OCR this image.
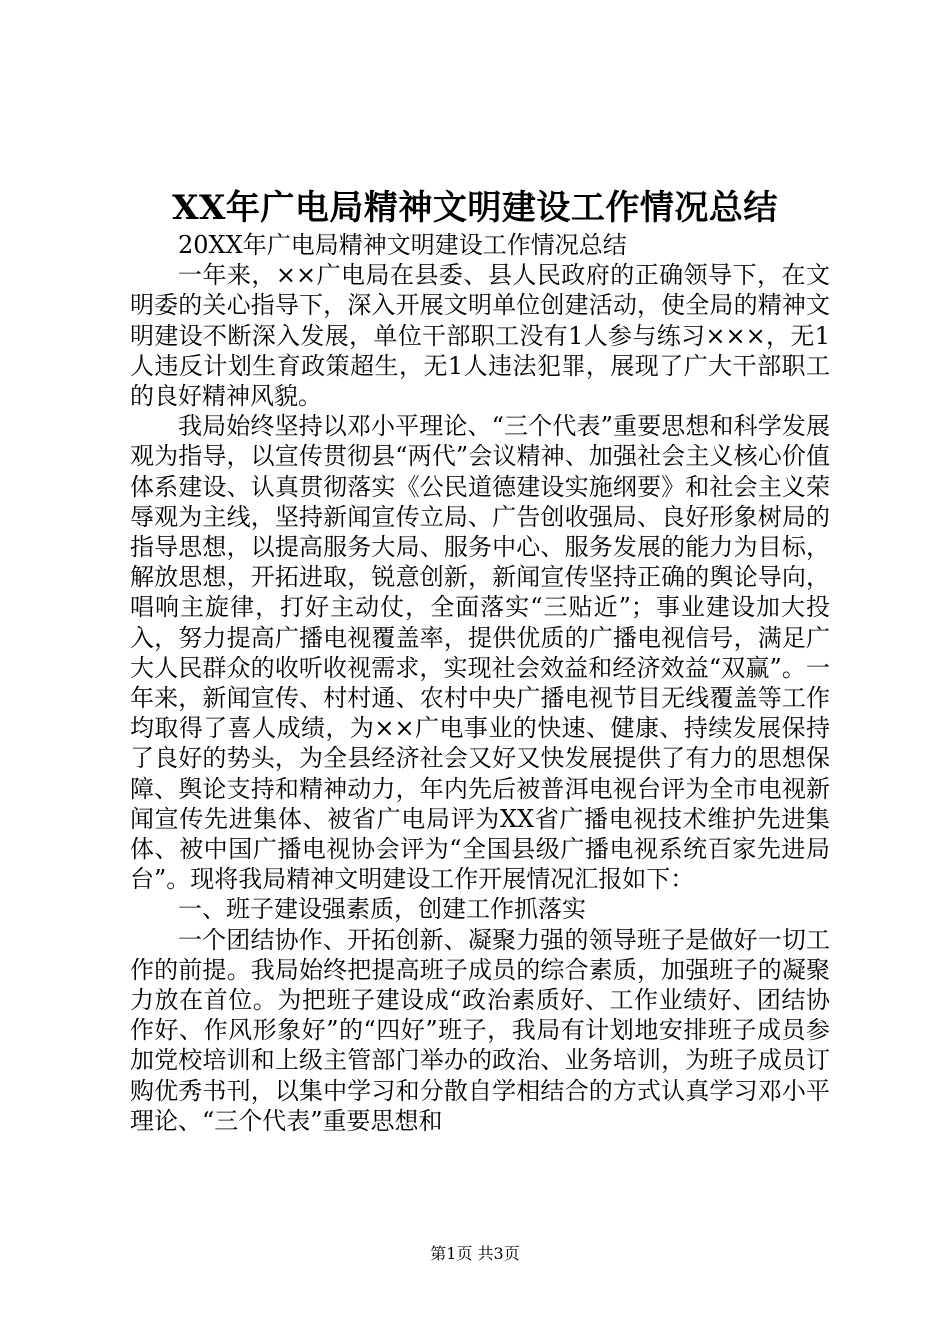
XX年广电局精神文明建设工作情况总结

20XX年广电局精神文明建设工作情况总结

一年来，××广电局在县委、县人民政府的正确领导下，在文明委的关心指导下，深入开展文明单位创建活动，使全局的精神文明建设不断深入发展，单位干部职工没有1人参与练习×××，无1人违反计划生育政策超生，无1人违法犯罪，展现了广大干部职工的良好精神风貌。

我局始终坚持以邓小平理论、“三个代表”重要思想和科学发展观为指导，以宣传贯彻县“两代”会议精神、加强社会主义核心价值体系建设、认真贯彻落实《公民道德建设实施纲要》和社会主义荣辱观为主线，坚持新闻宣传立局、广告创收强局、良好形象树局的指导思想，以提高服务大局、服务中心、服务发展的能力为目标，解放思想，开拓进取，锐意创新，新闻宣传坚持正确的舆论导向，唱响主旋律，打好主动仗，全面落实“三贴近”；事业建设加大投入，努力提高广播电视覆盖率，提供优质的广播电视信号，满足广大人民群众的收听收视需求，实现社会效益和经济效益“双赢”。一年来，新闻宣传、村村通、农村中央广播电视节目无线覆盖等工作均取得了喜人成绩，为××广电事业的快速、健康、持续发展保持了良好的势头，为全县经济社会又好又快发展提供了有力的思想保障、舆论支持和精神动力，年内先后被普洱电视台评为全市电视新闻宣传先进集体、被省广电局评为XX省广播电视技术维护先进集体、被中国广播电视协会评为“全国县级广播电视系统百家先进局台”。现将我局精神文明建设工作开展情况汇报如下：

一、班子建设强素质，创建工作抓落实

一个团结协作、开拓创新、凝聚力强的领导班子是做好一切工作的前提。我局始终把提高班子成员的综合素质，加强班子的凝聚力放在首位。为把班子建设成“政治素质好、工作业绩好、团结协作好、作风形象好”的“四好”班子，我局有计划地安排班子成员参加党校培训和上级主管部门举办的政治、业务培训，为班子成员订购优秀书刊，以集中学习和分散自学相结合的方式认真学习邓小平理论、“三个代表”重要思想和

第1页 共3页
